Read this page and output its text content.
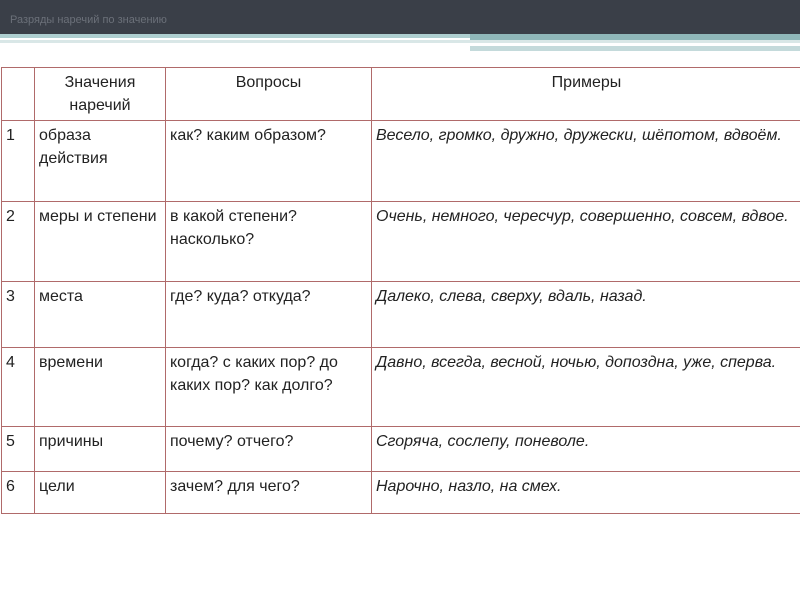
Разряды наречий по значению
	Значения наречий	Вопросы	Примеры
1	образа действия	как? каким образом?	Весело, громко, дружно, дружески, шёпотом, вдвоём.
2	меры и степени	в какой степени? насколько?	Очень, немного, чересчур, совершенно, совсем, вдвое.
3	места	где? куда? откуда?	Далеко, слева, сверху, вдаль, назад.
4	времени	когда? с каких пор? до каких пор? как долго?	Давно, всегда, весной, ночью, допоздна, уже, сперва.
5	причины	почему? отчего?	Сгоряча, сослепу, поневоле.
6	цели	зачем? для чего?	Нарочно, назло, на смех.
